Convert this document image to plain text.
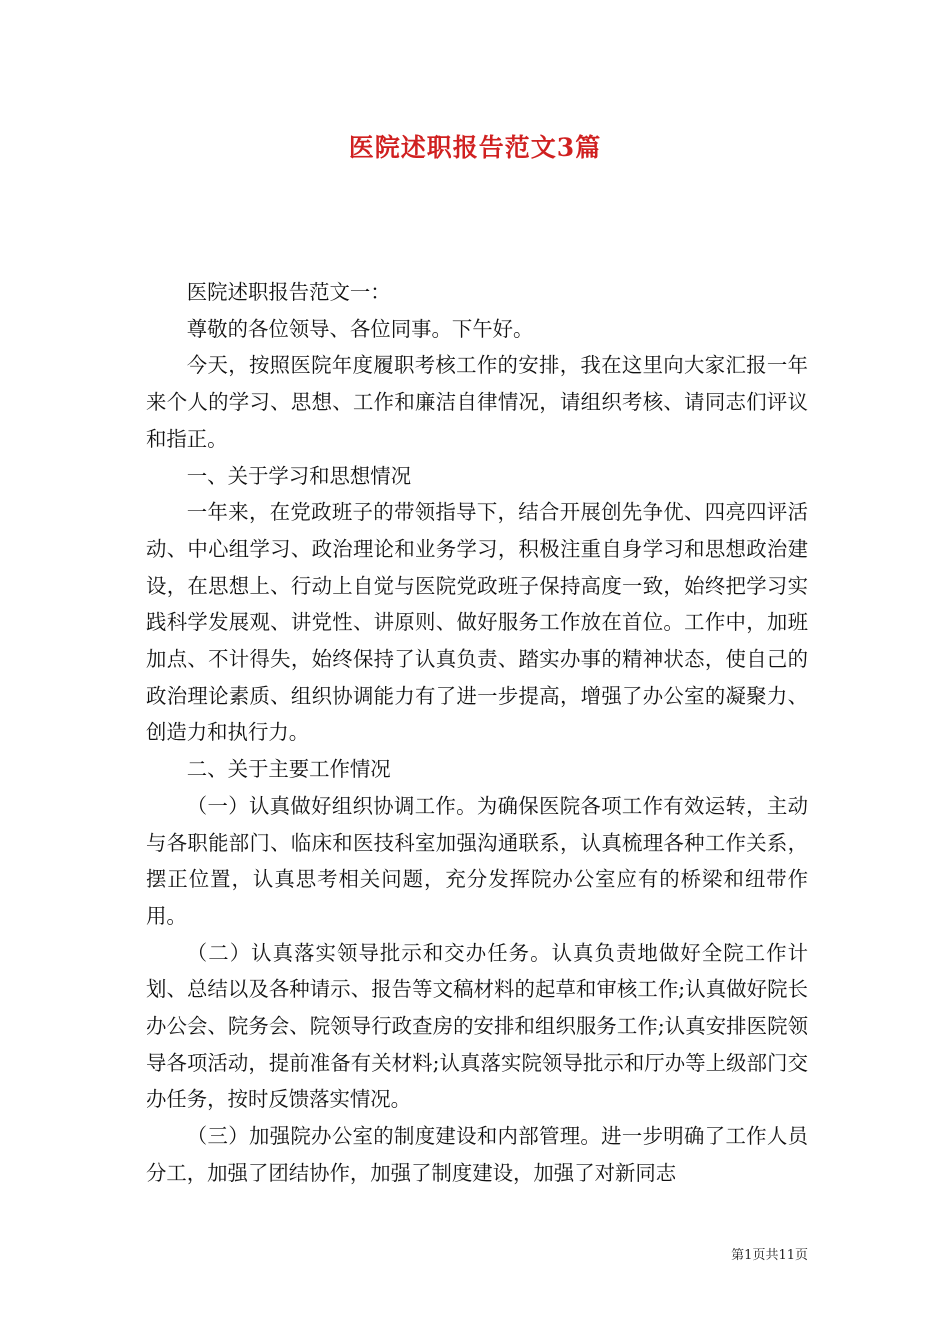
医院述职报告范文3篇

医院述职报告范文一：

尊敬的各位领导、各位同事。下午好。

今天，按照医院年度履职考核工作的安排，我在这里向大家汇报一年来个人的学习、思想、工作和廉洁自律情况，请组织考核、请同志们评议和指正。

一、关于学习和思想情况

一年来，在党政班子的带领指导下，结合开展创先争优、四亮四评活动、中心组学习、政治理论和业务学习，积极注重自身学习和思想政治建设，在思想上、行动上自觉与医院党政班子保持高度一致，始终把学习实践科学发展观、讲党性、讲原则、做好服务工作放在首位。工作中，加班加点、不计得失，始终保持了认真负责、踏实办事的精神状态，使自己的政治理论素质、组织协调能力有了进一步提高，增强了办公室的凝聚力、创造力和执行力。

二、关于主要工作情况

（一）认真做好组织协调工作。为确保医院各项工作有效运转，主动与各职能部门、临床和医技科室加强沟通联系，认真梳理各种工作关系，摆正位置，认真思考相关问题，充分发挥院办公室应有的桥梁和纽带作用。

（二）认真落实领导批示和交办任务。认真负责地做好全院工作计划、总结以及各种请示、报告等文稿材料的起草和审核工作;认真做好院长办公会、院务会、院领导行政查房的安排和组织服务工作;认真安排医院领导各项活动，提前准备有关材料;认真落实院领导批示和厅办等上级部门交办任务，按时反馈落实情况。

（三）加强院办公室的制度建设和内部管理。进一步明确了工作人员分工，加强了团结协作，加强了制度建设，加强了对新同志

第1页共11页
